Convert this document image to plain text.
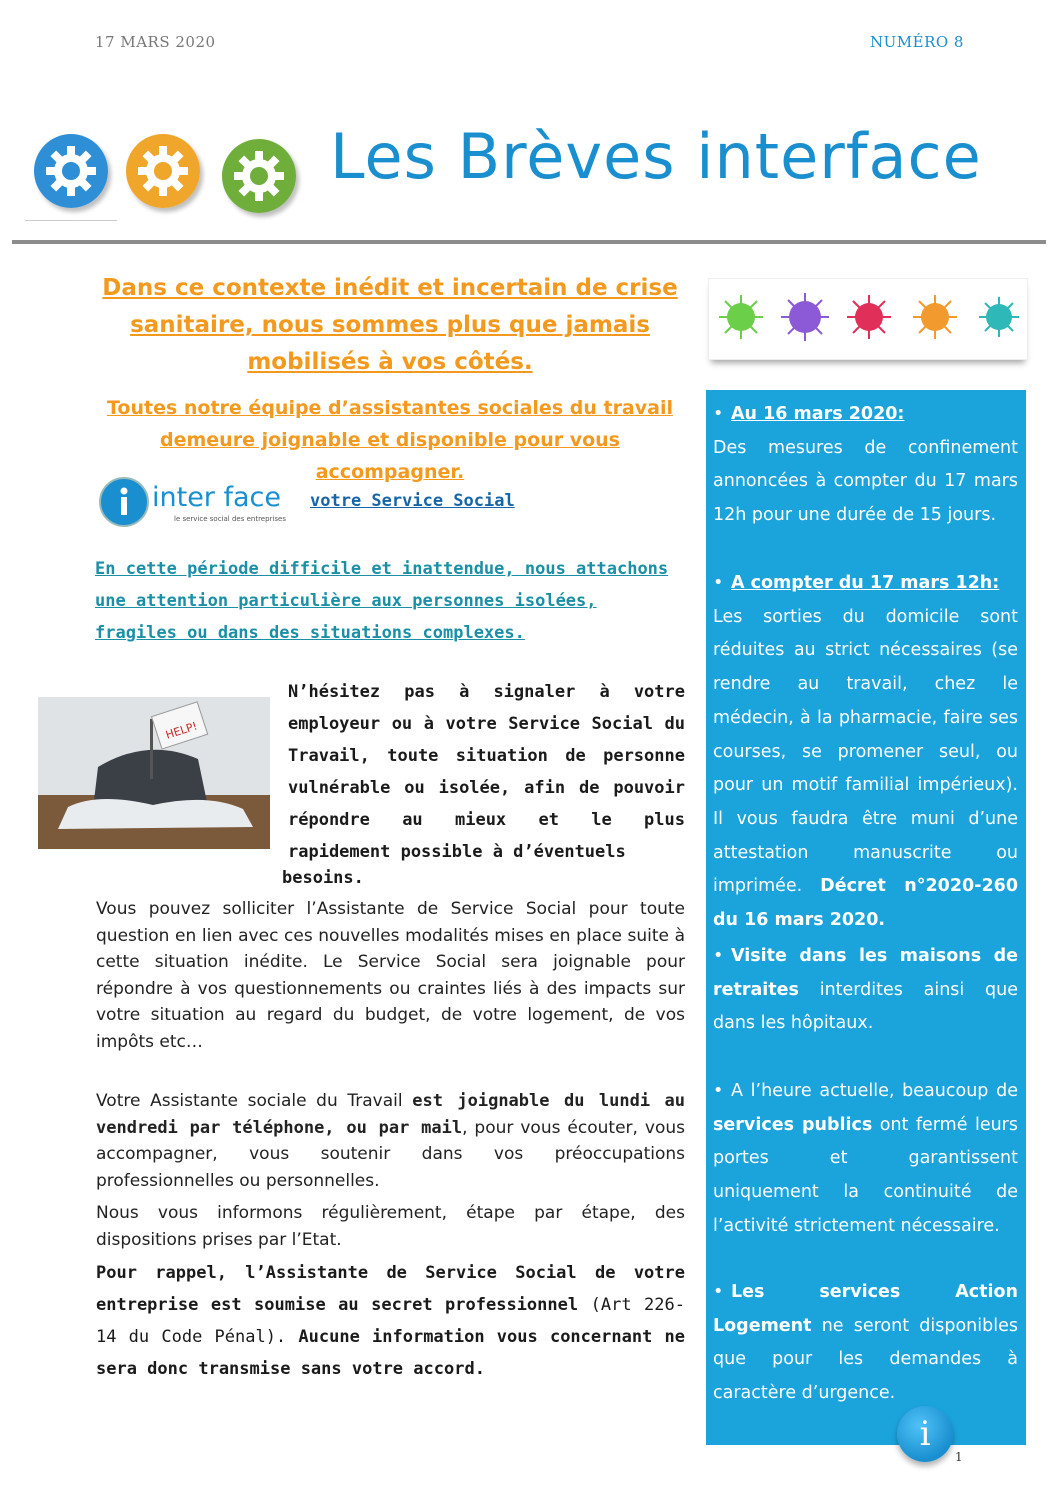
17 MARS 2020	NUMÉRO 8
Les Brèves interface
Dans ce contexte inédit et incertain de crise sanitaire, nous sommes plus que jamais mobilisés à vos côtés.
Toutes notre équipe d’assistantes sociales du travail demeure joignable et disponible pour vous accompagner.
inter face
le service social des entreprises
votre Service Social
En cette période difficile et inattendue, nous attachons une attention particulière aux personnes isolées, fragiles ou dans des situations complexes.
HELP!
N’hésitez pas à signaler à votre employeur ou à votre Service Social du Travail, toute situation de personne vulnérable ou isolée, afin de pouvoir répondre au mieux et le plus rapidement possible à d’éventuels
besoins.
Vous pouvez solliciter l’Assistante de Service Social pour toute question en lien avec ces nouvelles modalités mises en place suite à cette situation inédite. Le Service Social sera joignable pour répondre à vos questionnements ou craintes liés à des impacts sur votre situation au regard du budget, de votre logement, de vos impôts etc…
Votre Assistante sociale du Travail est joignable du lundi au vendredi par téléphone, ou par mail, pour vous écouter, vous accompagner, vous soutenir dans vos préoccupations professionnelles ou personnelles.
Nous vous informons régulièrement, étape par étape, des dispositions prises par l’Etat.
Pour rappel, l’Assistante de Service Social de votre entreprise est soumise au secret professionnel (Art 226-14 du Code Pénal). Aucune information vous concernant ne sera donc transmise sans votre accord.
• Au 16 mars 2020:
Des mesures de confinement annoncées à compter du 17 mars 12h pour une durée de 15 jours.
• A compter du 17 mars 12h:
Les sorties du domicile sont réduites au strict nécessaires (se rendre au travail, chez le médecin, à la pharmacie, faire ses courses, se promener seul, ou pour un motif familial impérieux). Il vous faudra être muni d’une attestation manuscrite ou imprimée. Décret n°2020-260 du 16 mars 2020.
• Visite dans les maisons de retraites interdites ainsi que dans les hôpitaux.
• A l’heure actuelle, beaucoup de services publics ont fermé leurs portes et garantissent uniquement la continuité de l’activité strictement nécessaire.
• Les services Action Logement ne seront disponibles que pour les demandes à caractère d’urgence.
i
1
